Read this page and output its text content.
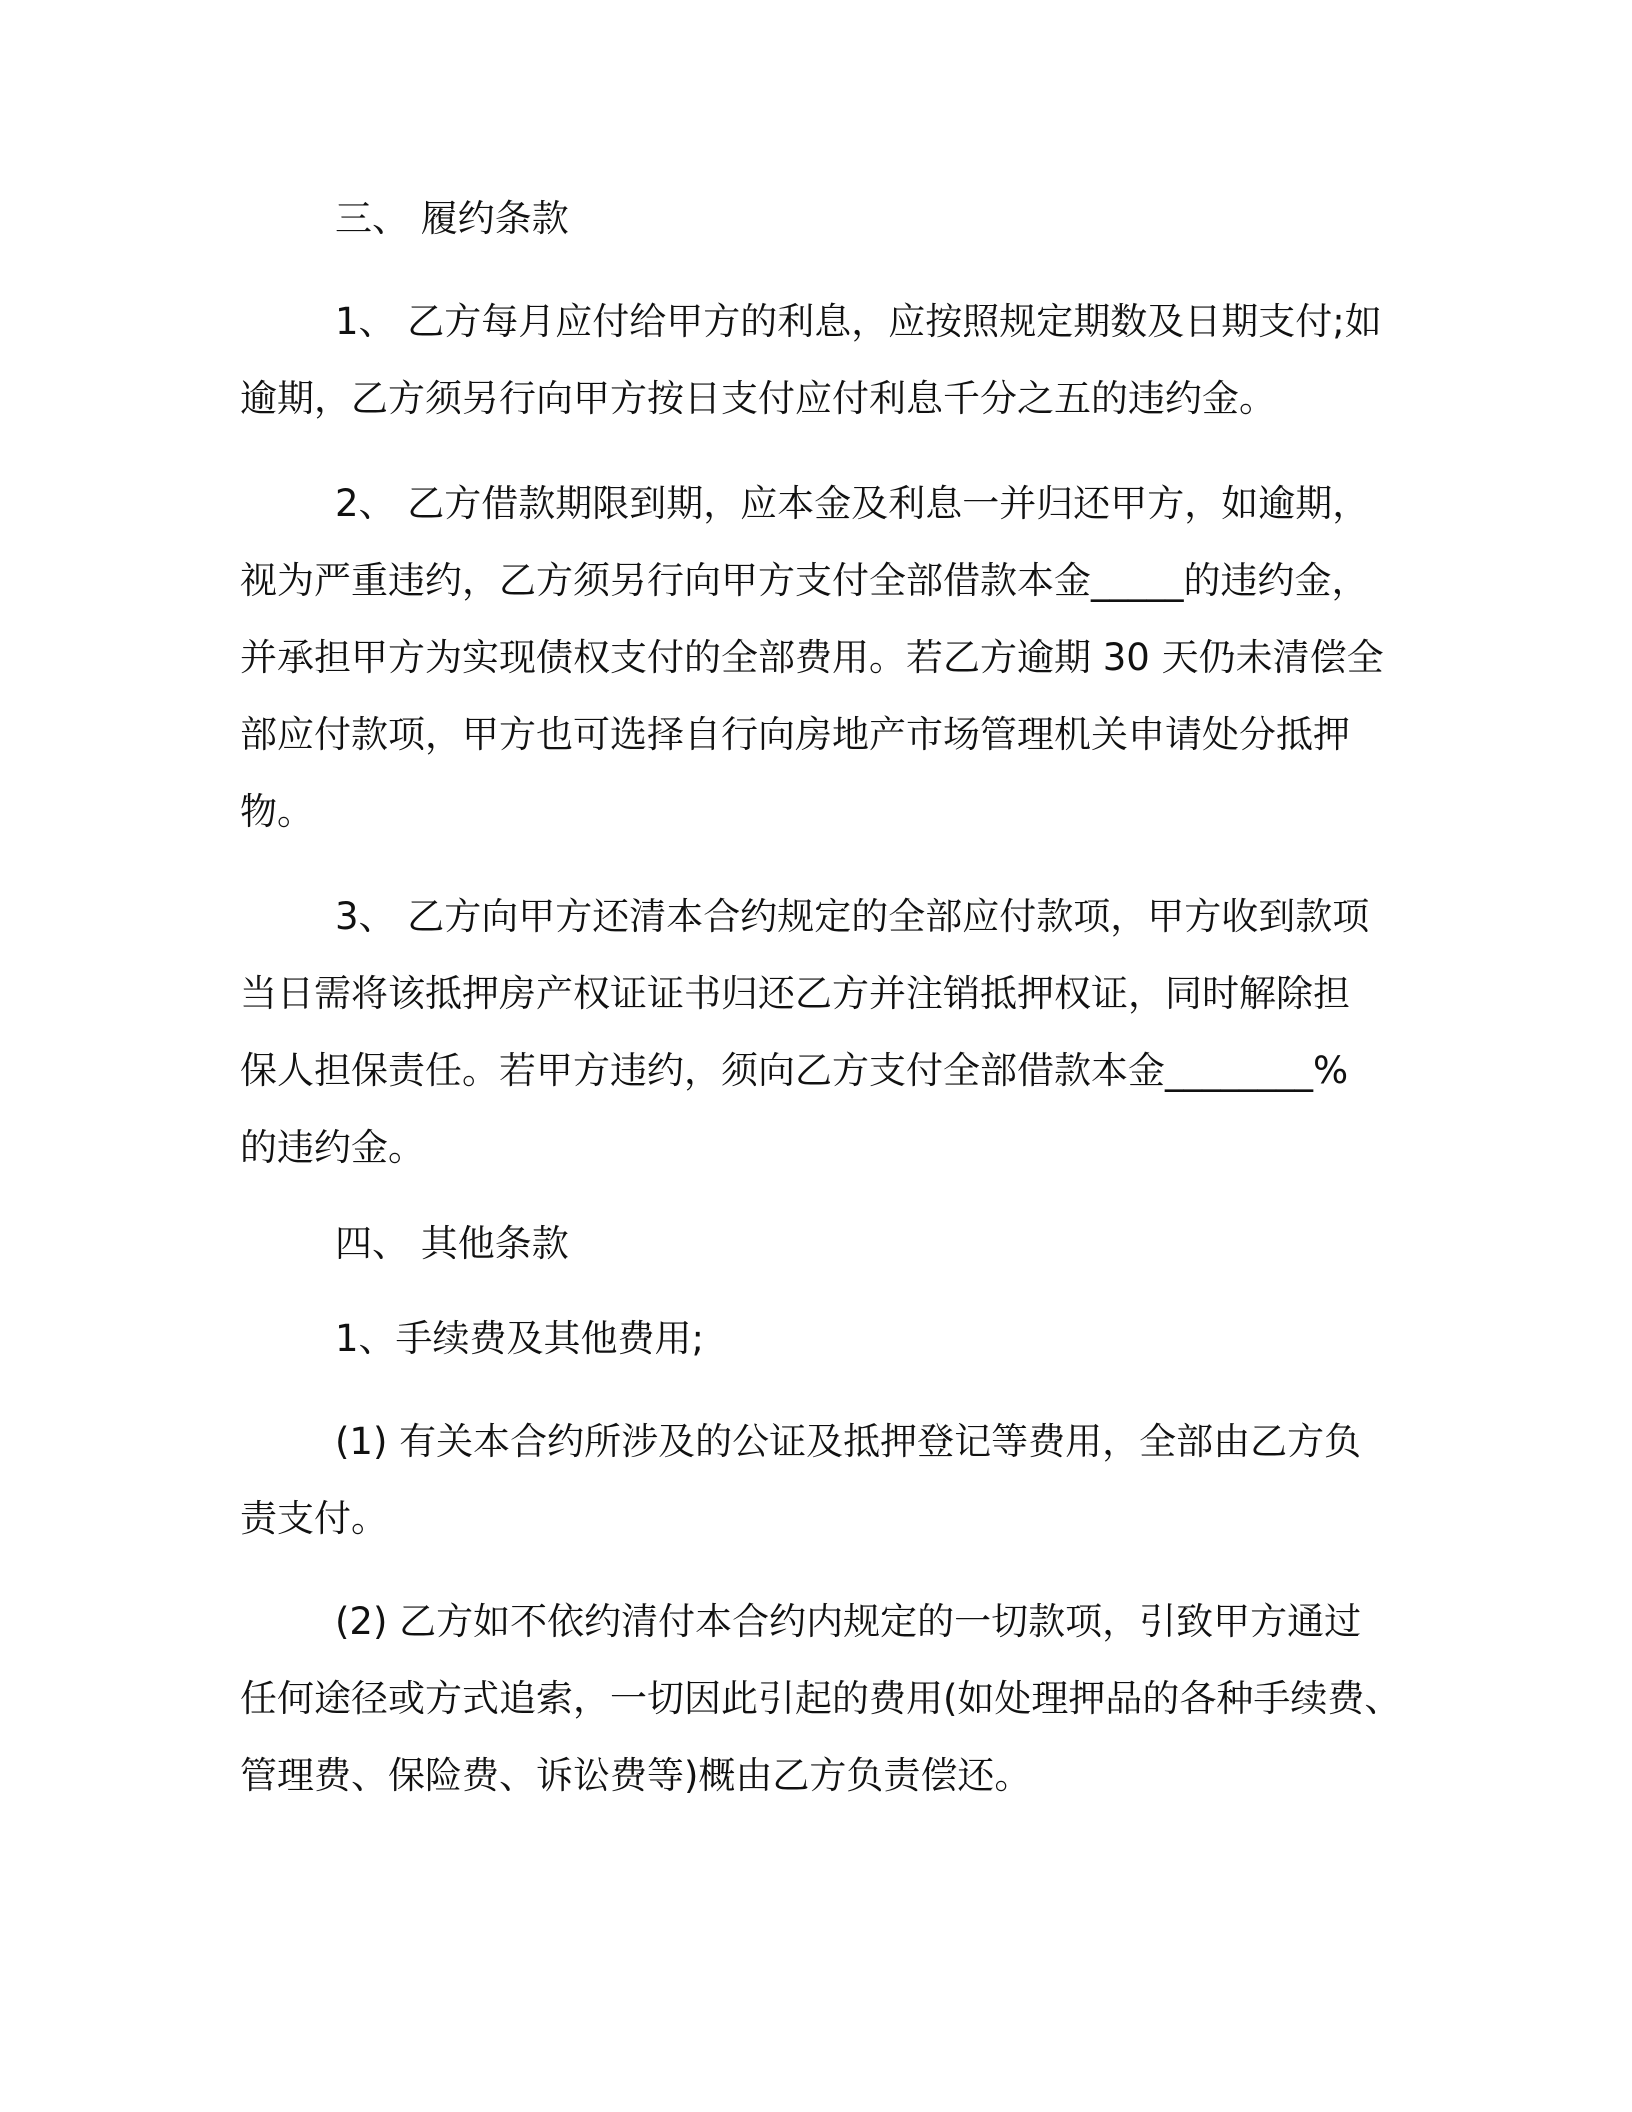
三、 履约条款
1、 乙方每月应付给甲方的利息，应按照规定期数及日期支付;如
逾期，乙方须另行向甲方按日支付应付利息千分之五的违约金。
2、 乙方借款期限到期，应本金及利息一并归还甲方，如逾期，
视为严重违约，乙方须另行向甲方支付全部借款本金_____的违约金，
并承担甲方为实现债权支付的全部费用。若乙方逾期 30 天仍未清偿全
部应付款项，甲方也可选择自行向房地产市场管理机关申请处分抵押
物。
3、 乙方向甲方还清本合约规定的全部应付款项，甲方收到款项
当日需将该抵押房产权证证书归还乙方并注销抵押权证，同时解除担
保人担保责任。若甲方违约，须向乙方支付全部借款本金________%
的违约金。
四、 其他条款
1、手续费及其他费用;
(1) 有关本合约所涉及的公证及抵押登记等费用，全部由乙方负
责支付。
(2) 乙方如不依约清付本合约内规定的一切款项，引致甲方通过
任何途径或方式追索，一切因此引起的费用(如处理押品的各种手续费、
管理费、保险费、诉讼费等)概由乙方负责偿还。
